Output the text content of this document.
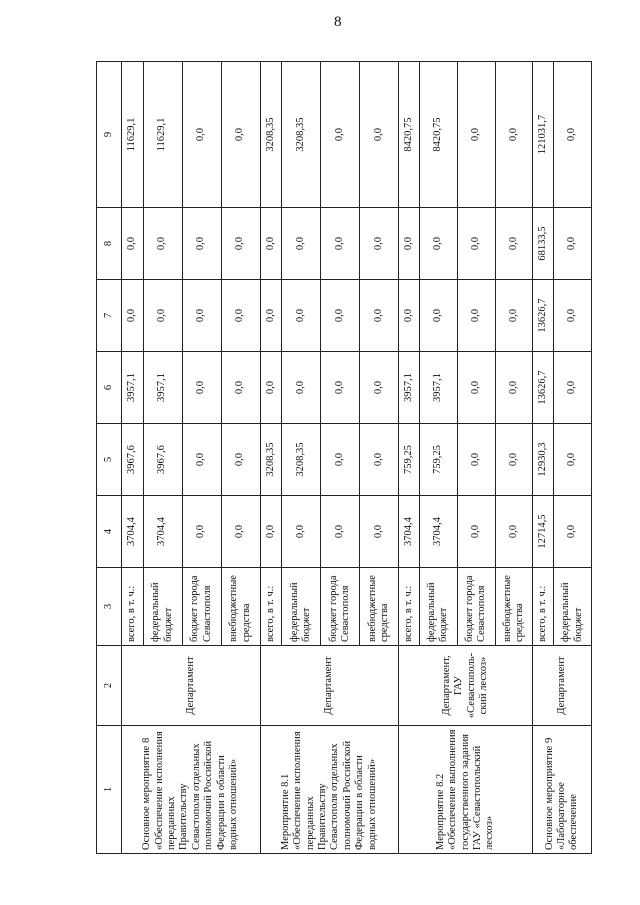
8
1	2	3	4	5	6	7	8	9
Основное мероприятие 8 «Обеспечение исполнения переданных Правительству Севастополя отдельных полномочий Российской Федерации в области водных отношений»	Департамент	всего, в т. ч.:	3704,4	3967,6	3957,1	0,0	0,0	11629,1
		федеральный бюджет	3704,4	3967,6	3957,1	0,0	0,0	11629,1
		бюджет города Севастополя	0,0	0,0	0,0	0,0	0,0	0,0
		внебюджетные средства	0,0	0,0	0,0	0,0	0,0	0,0
Мероприятие 8.1 «Обеспечение исполнения переданных Правительству Севастополя отдельных полномочий Российской Федерации в области водных отношений»	Департамент	всего, в т. ч.:	0,0	3208,35	0,0	0,0	0,0	3208,35
		федеральный бюджет	0,0	3208,35	0,0	0,0	0,0	3208,35
		бюджет города Севастополя	0,0	0,0	0,0	0,0	0,0	0,0
		внебюджетные средства	0,0	0,0	0,0	0,0	0,0	0,0
Мероприятие 8.2 «Обеспечение выполнения государственного задания ГАУ «Севастопольский лесхоз»	Департамент, ГАУ «Севастополь-ский лесхоз»	всего, в т. ч.:	3704,4	759,25	3957,1	0,0	0,0	8420,75
		федеральный бюджет	3704,4	759,25	3957,1	0,0	0,0	8420,75
		бюджет города Севастополя	0,0	0,0	0,0	0,0	0,0	0,0
		внебюджетные средства	0,0	0,0	0,0	0,0	0,0	0,0
Основное мероприятие 9 «Лабораторное обеспечение	Департамент	всего, в т. ч.:	12714,5	12930,3	13626,7	13626,7	68133,5	121031,7
		федеральный бюджет	0,0	0,0	0,0	0,0	0,0	0,0
